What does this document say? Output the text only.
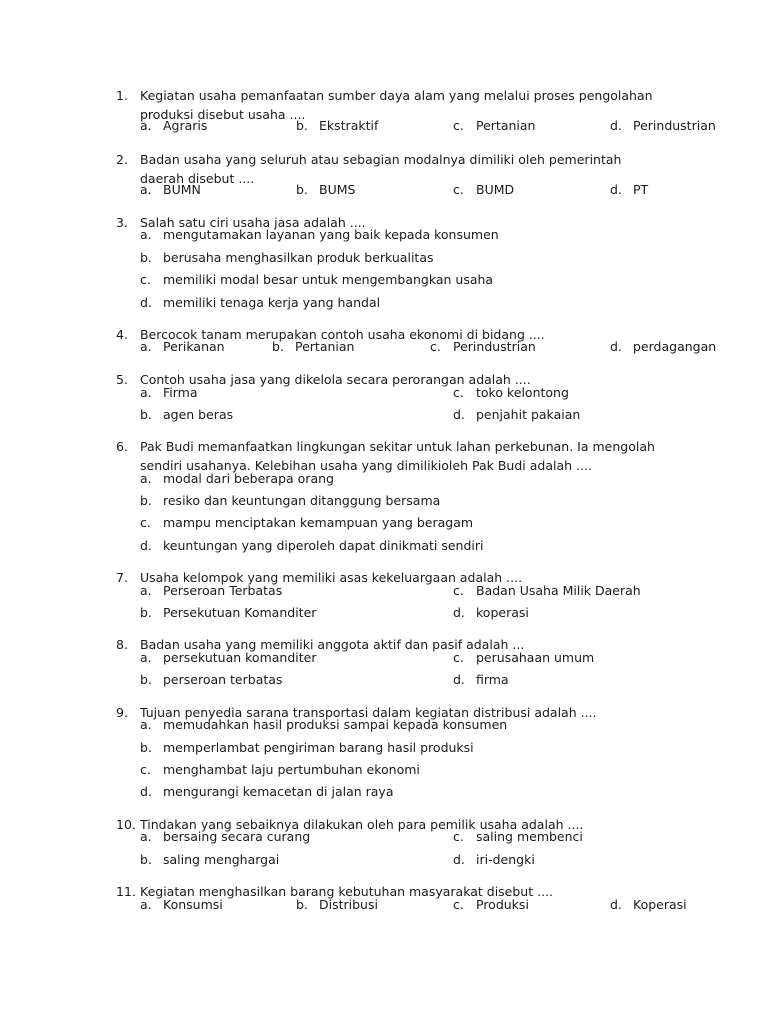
1. Kegiatan usaha pemanfaatan sumber daya alam yang melalui proses pengolahan produksi disebut usaha ....
a. Agraris	b. Ekstraktif	c. Pertanian	d. Perindustrian
2. Badan usaha yang seluruh atau sebagian modalnya dimiliki oleh pemerintah daerah disebut ....
a. BUMN	b. BUMS	c. BUMD	d. PT
3. Salah satu ciri usaha jasa adalah ....
a. mengutamakan layanan yang baik kepada konsumen
b. berusaha menghasilkan produk berkualitas
c. memiliki modal besar untuk mengembangkan usaha
d. memiliki tenaga kerja yang handal
4. Bercocok tanam merupakan contoh usaha ekonomi di bidang ....
a. Perikanan	b. Pertanian	c. Perindustrian	d. perdagangan
5. Contoh usaha jasa yang dikelola secara perorangan adalah ....
a. Firma	c. toko kelontong
b. agen beras	d. penjahit pakaian
6. Pak Budi memanfaatkan lingkungan sekitar untuk lahan perkebunan. Ia mengolah sendiri usahanya. Kelebihan usaha yang dimilikioleh Pak Budi adalah ....
a. modal dari beberapa orang
b. resiko dan keuntungan ditanggung bersama
c. mampu menciptakan kemampuan yang beragam
d. keuntungan yang diperoleh dapat dinikmati sendiri
7. Usaha kelompok yang memiliki asas kekeluargaan adalah ....
a. Perseroan Terbatas	c. Badan Usaha Milik Daerah
b. Persekutuan Komanditer	d. koperasi
8. Badan usaha yang memiliki anggota aktif dan pasif adalah ...
a. persekutuan komanditer	c. perusahaan umum
b. perseroan terbatas	d. firma
9. Tujuan penyedia sarana transportasi dalam kegiatan distribusi adalah ....
a. memudahkan hasil produksi sampai kepada konsumen
b. memperlambat pengiriman barang hasil produksi
c. menghambat laju pertumbuhan ekonomi
d. mengurangi kemacetan di jalan raya
10. Tindakan yang sebaiknya dilakukan oleh para pemilik usaha adalah ....
a. bersaing secara curang	c. saling membenci
b. saling menghargai	d. iri-dengki
11. Kegiatan menghasilkan barang kebutuhan masyarakat disebut ....
a. Konsumsi	b. Distribusi	c. Produksi	d. Koperasi
